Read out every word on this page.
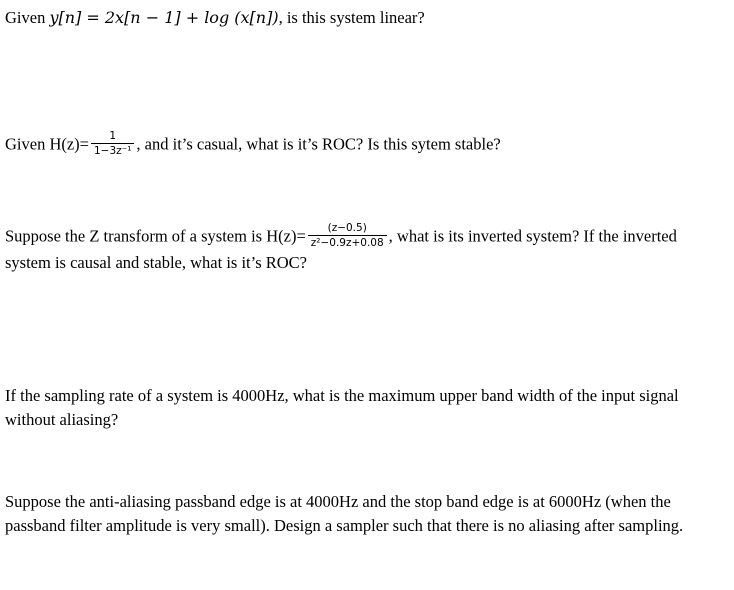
Given y[n] = 2x[n − 1] + log (x[n]), is this system linear?

Given $H(z)= \frac{1}{\text{1−3z⁻¹}}$ , and it’s casual, what is it’s ROC? Is this sytem stable?

Suppose the Z transform of a system is $H(z)= \frac{(z-0.5)}{\text{z²−0.9z+0.08}}$ , what is its inverted system? If the inverted system is causal and stable, what is it’s ROC?

If the sampling rate of a system is 4000Hz, what is the maximum upper band width of the input signal without aliasing?

Suppose the anti-aliasing passband edge is at 4000Hz and the stop band edge is at 6000Hz (when the passband filter amplitude is very small). Design a sampler such that there is no aliasing after sampling.
